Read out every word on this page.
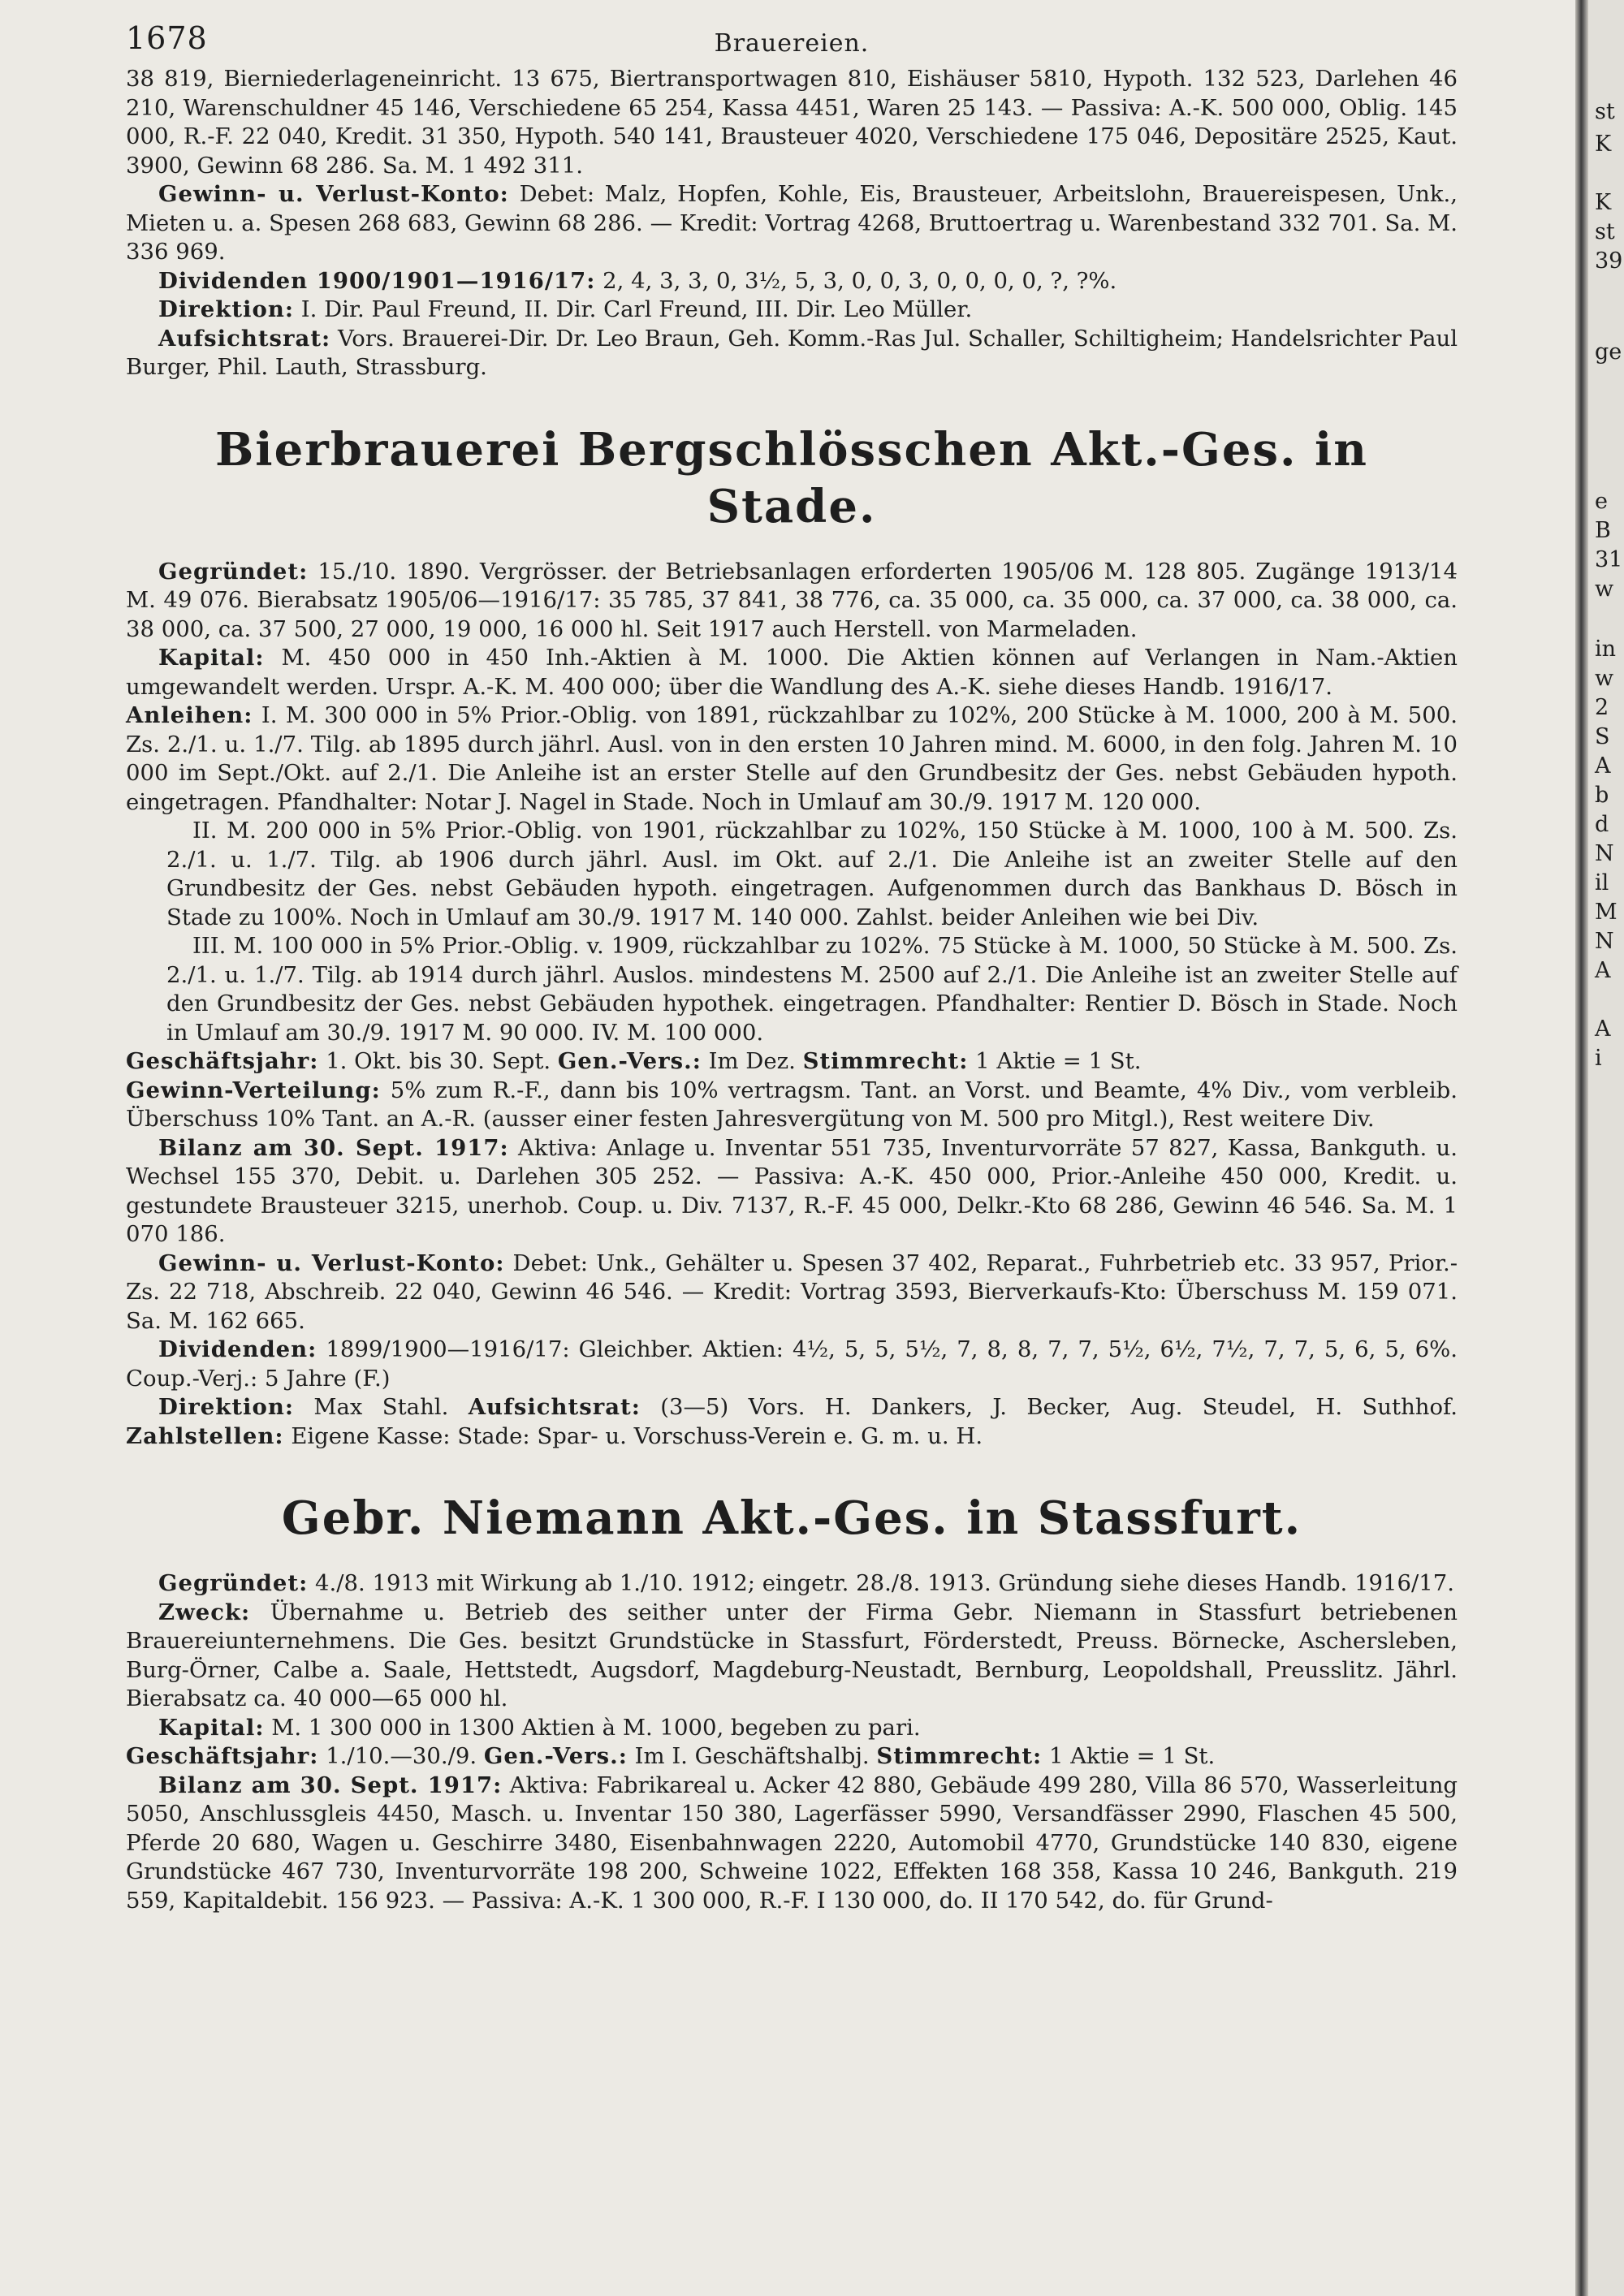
1678	Brauereien.

38 819, Bierniederlageneinricht. 13 675, Biertransportwagen 810, Eishäuser 5810, Hypoth. 132 523, Darlehen 46 210, Warenschuldner 45 146, Verschiedene 65 254, Kassa 4451, Waren 25 143. — Passiva: A.-K. 500 000, Oblig. 145 000, R.-F. 22 040, Kredit. 31 350, Hypoth. 540 141, Brausteuer 4020, Verschiedene 175 046, Depositäre 2525, Kaut. 3900, Gewinn 68 286. Sa. M. 1 492 311.

Gewinn- u. Verlust-Konto: Debet: Malz, Hopfen, Kohle, Eis, Brausteuer, Arbeitslohn, Brauereispesen, Unk., Mieten u. a. Spesen 268 683, Gewinn 68 286. — Kredit: Vortrag 4268, Bruttoertrag u. Warenbestand 332 701. Sa. M. 336 969.

Dividenden 1900/1901—1916/17: 2, 4, 3, 3, 0, 3½, 5, 3, 0, 0, 3, 0, 0, 0, 0, ?, ?%.

Direktion: I. Dir. Paul Freund, II. Dir. Carl Freund, III. Dir. Leo Müller.

Aufsichtsrat: Vors. Brauerei-Dir. Dr. Leo Braun, Geh. Komm.-Ras Jul. Schaller, Schiltigheim; Handelsrichter Paul Burger, Phil. Lauth, Strassburg.

Bierbrauerei Bergschlösschen Akt.-Ges. in Stade.

Gegründet: 15./10. 1890. Vergrösser. der Betriebsanlagen erforderten 1905/06 M. 128 805. Zugänge 1913/14 M. 49 076. Bierabsatz 1905/06—1916/17: 35 785, 37 841, 38 776, ca. 35 000, ca. 35 000, ca. 37 000, ca. 38 000, ca. 38 000, ca. 37 500, 27 000, 19 000, 16 000 hl. Seit 1917 auch Herstell. von Marmeladen.

Kapital: M. 450 000 in 450 Inh.-Aktien à M. 1000. Die Aktien können auf Verlangen in Nam.-Aktien umgewandelt werden. Urspr. A.-K. M. 400 000; über die Wandlung des A.-K. siehe dieses Handb. 1916/17.

Anleihen: I. M. 300 000 in 5% Prior.-Oblig. von 1891, rückzahlbar zu 102%, 200 Stücke à M. 1000, 200 à M. 500. Zs. 2./1. u. 1./7. Tilg. ab 1895 durch jährl. Ausl. von in den ersten 10 Jahren mind. M. 6000, in den folg. Jahren M. 10 000 im Sept./Okt. auf 2./1. Die Anleihe ist an erster Stelle auf den Grundbesitz der Ges. nebst Gebäuden hypoth. eingetragen. Pfandhalter: Notar J. Nagel in Stade. Noch in Umlauf am 30./9. 1917 M. 120 000.

II. M. 200 000 in 5% Prior.-Oblig. von 1901, rückzahlbar zu 102%, 150 Stücke à M. 1000, 100 à M. 500. Zs. 2./1. u. 1./7. Tilg. ab 1906 durch jährl. Ausl. im Okt. auf 2./1. Die Anleihe ist an zweiter Stelle auf den Grundbesitz der Ges. nebst Gebäuden hypoth. eingetragen. Aufgenommen durch das Bankhaus D. Bösch in Stade zu 100%. Noch in Umlauf am 30./9. 1917 M. 140 000. Zahlst. beider Anleihen wie bei Div.

III. M. 100 000 in 5% Prior.-Oblig. v. 1909, rückzahlbar zu 102%. 75 Stücke à M. 1000, 50 Stücke à M. 500. Zs. 2./1. u. 1./7. Tilg. ab 1914 durch jährl. Auslos. mindestens M. 2500 auf 2./1. Die Anleihe ist an zweiter Stelle auf den Grundbesitz der Ges. nebst Gebäuden hypothek. eingetragen. Pfandhalter: Rentier D. Bösch in Stade. Noch in Umlauf am 30./9. 1917 M. 90 000. IV. M. 100 000.

Geschäftsjahr: 1. Okt. bis 30. Sept. Gen.-Vers.: Im Dez. Stimmrecht: 1 Aktie = 1 St.

Gewinn-Verteilung: 5% zum R.-F., dann bis 10% vertragsm. Tant. an Vorst. und Beamte, 4% Div., vom verbleib. Überschuss 10% Tant. an A.-R. (ausser einer festen Jahresvergütung von M. 500 pro Mitgl.), Rest weitere Div.

Bilanz am 30. Sept. 1917: Aktiva: Anlage u. Inventar 551 735, Inventurvorräte 57 827, Kassa, Bankguth. u. Wechsel 155 370, Debit. u. Darlehen 305 252. — Passiva: A.-K. 450 000, Prior.-Anleihe 450 000, Kredit. u. gestundete Brausteuer 3215, unerhob. Coup. u. Div. 7137, R.-F. 45 000, Delkr.-Kto 68 286, Gewinn 46 546. Sa. M. 1 070 186.

Gewinn- u. Verlust-Konto: Debet: Unk., Gehälter u. Spesen 37 402, Reparat., Fuhrbetrieb etc. 33 957, Prior.-Zs. 22 718, Abschreib. 22 040, Gewinn 46 546. — Kredit: Vortrag 3593, Bierverkaufs-Kto: Überschuss M. 159 071. Sa. M. 162 665.

Dividenden: 1899/1900—1916/17: Gleichber. Aktien: 4½, 5, 5, 5½, 7, 8, 8, 7, 7, 5½, 6½, 7½, 7, 7, 5, 6, 5, 6%. Coup.-Verj.: 5 Jahre (F.)

Direktion: Max Stahl. Aufsichtsrat: (3—5) Vors. H. Dankers, J. Becker, Aug. Steudel, H. Suthhof. Zahlstellen: Eigene Kasse: Stade: Spar- u. Vorschuss-Verein e. G. m. u. H.

Gebr. Niemann Akt.-Ges. in Stassfurt.

Gegründet: 4./8. 1913 mit Wirkung ab 1./10. 1912; eingetr. 28./8. 1913. Gründung siehe dieses Handb. 1916/17.

Zweck: Übernahme u. Betrieb des seither unter der Firma Gebr. Niemann in Stassfurt betriebenen Brauereiunternehmens. Die Ges. besitzt Grundstücke in Stassfurt, Förderstedt, Preuss. Börnecke, Aschersleben, Burg-Örner, Calbe a. Saale, Hettstedt, Augsdorf, Magdeburg-Neustadt, Bernburg, Leopoldshall, Preusslitz. Jährl. Bierabsatz ca. 40 000—65 000 hl.

Kapital: M. 1 300 000 in 1300 Aktien à M. 1000, begeben zu pari.

Geschäftsjahr: 1./10.—30./9. Gen.-Vers.: Im I. Geschäftshalbj. Stimmrecht: 1 Aktie = 1 St.

Bilanz am 30. Sept. 1917: Aktiva: Fabrikareal u. Acker 42 880, Gebäude 499 280, Villa 86 570, Wasserleitung 5050, Anschlussgleis 4450, Masch. u. Inventar 150 380, Lagerfässer 5990, Versandfässer 2990, Flaschen 45 500, Pferde 20 680, Wagen u. Geschirre 3480, Eisenbahnwagen 2220, Automobil 4770, Grundstücke 140 830, eigene Grundstücke 467 730, Inventurvorräte 198 200, Schweine 1022, Effekten 168 358, Kassa 10 246, Bankguth. 219 559, Kapitaldebit. 156 923. — Passiva: A.-K. 1 300 000, R.-F. I 130 000, do. II 170 542, do. für Grund-

st
K
K
st
39
ge
e
B
31
w
in
w
2
S
A
b
d
N
il
M
N
A
A
i
